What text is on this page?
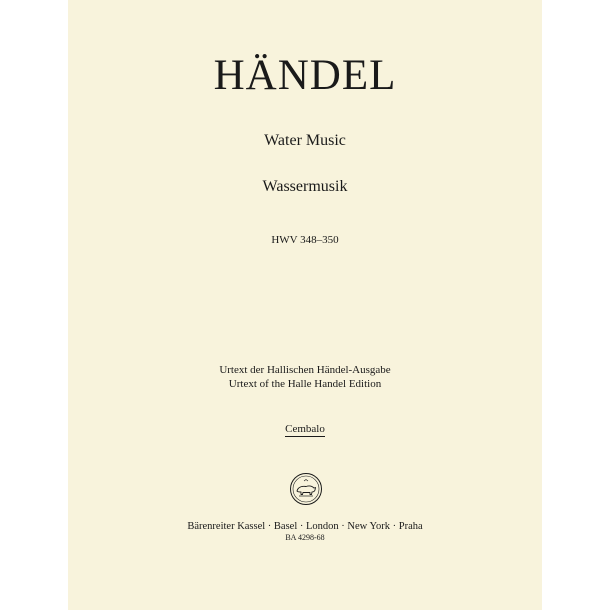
HÄNDEL
Water Music
Wassermusik
HWV 348–350
Urtext der Hallischen Händel-Ausgabe
Urtext of the Halle Handel Edition
Cembalo
Bärenreiter Kassel · Basel · London · New York · Praha
BA 4298-68
